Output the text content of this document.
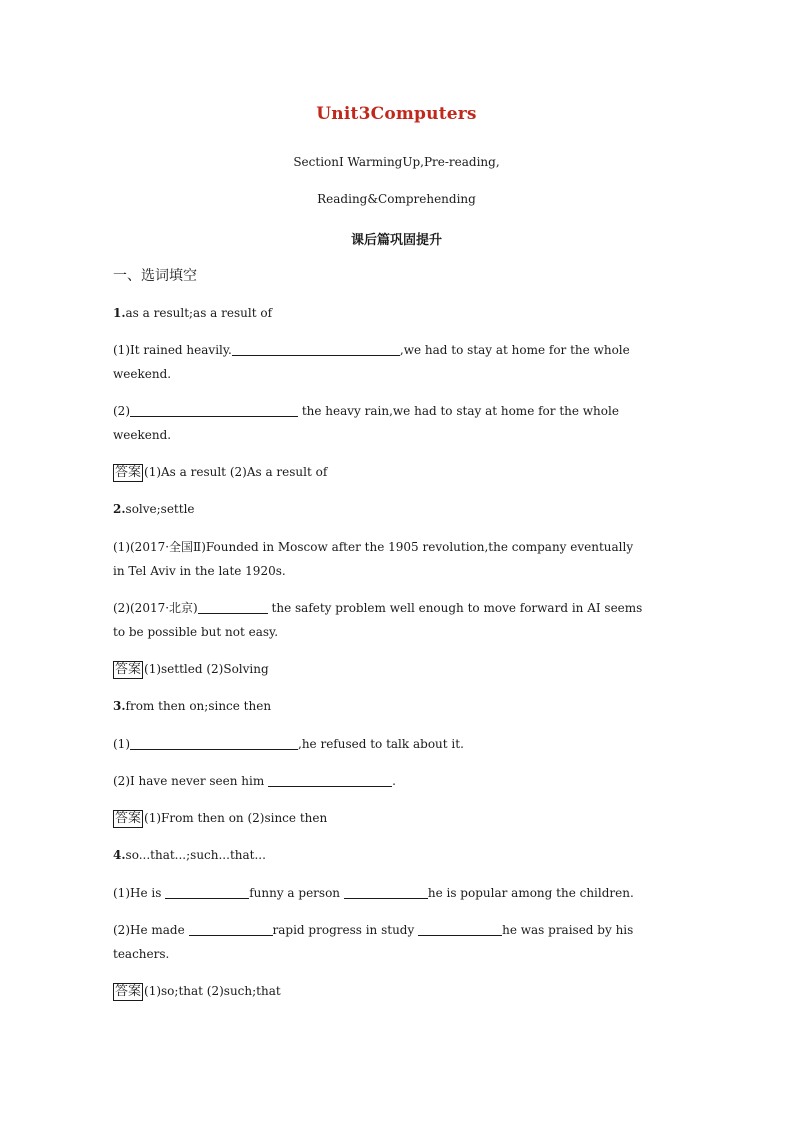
Unit3Computers
SectionⅠ WarmingUp,Pre-reading,
Reading&Comprehending
课后篇巩固提升
一、选词填空
1.as a result;as a result of
(1)It rained heavily.	,we had to stay at home for the whole
weekend.
(2)	the heavy rain,we had to stay at home for the whole
weekend.
答案 (1)As a result (2)As a result of
2.solve;settle
(1)(2017·全国Ⅱ)Founded in Moscow after the 1905 revolution,the company eventually
in Tel Aviv in the late 1920s.
(2)(2017·北京)	the safety problem well enough to move forward in AI seems
to be possible but not easy.
答案 (1)settled (2)Solving
3.from then on;since then
(1)	,he refused to talk about it.
(2)I have never seen him	.
答案 (1)From then on (2)since then
4.so...that...;such...that...
(1)He is	funny a person	he is popular among the children.
(2)He made	rapid progress in study	he was praised by his
teachers.
答案 (1)so;that (2)such;that
